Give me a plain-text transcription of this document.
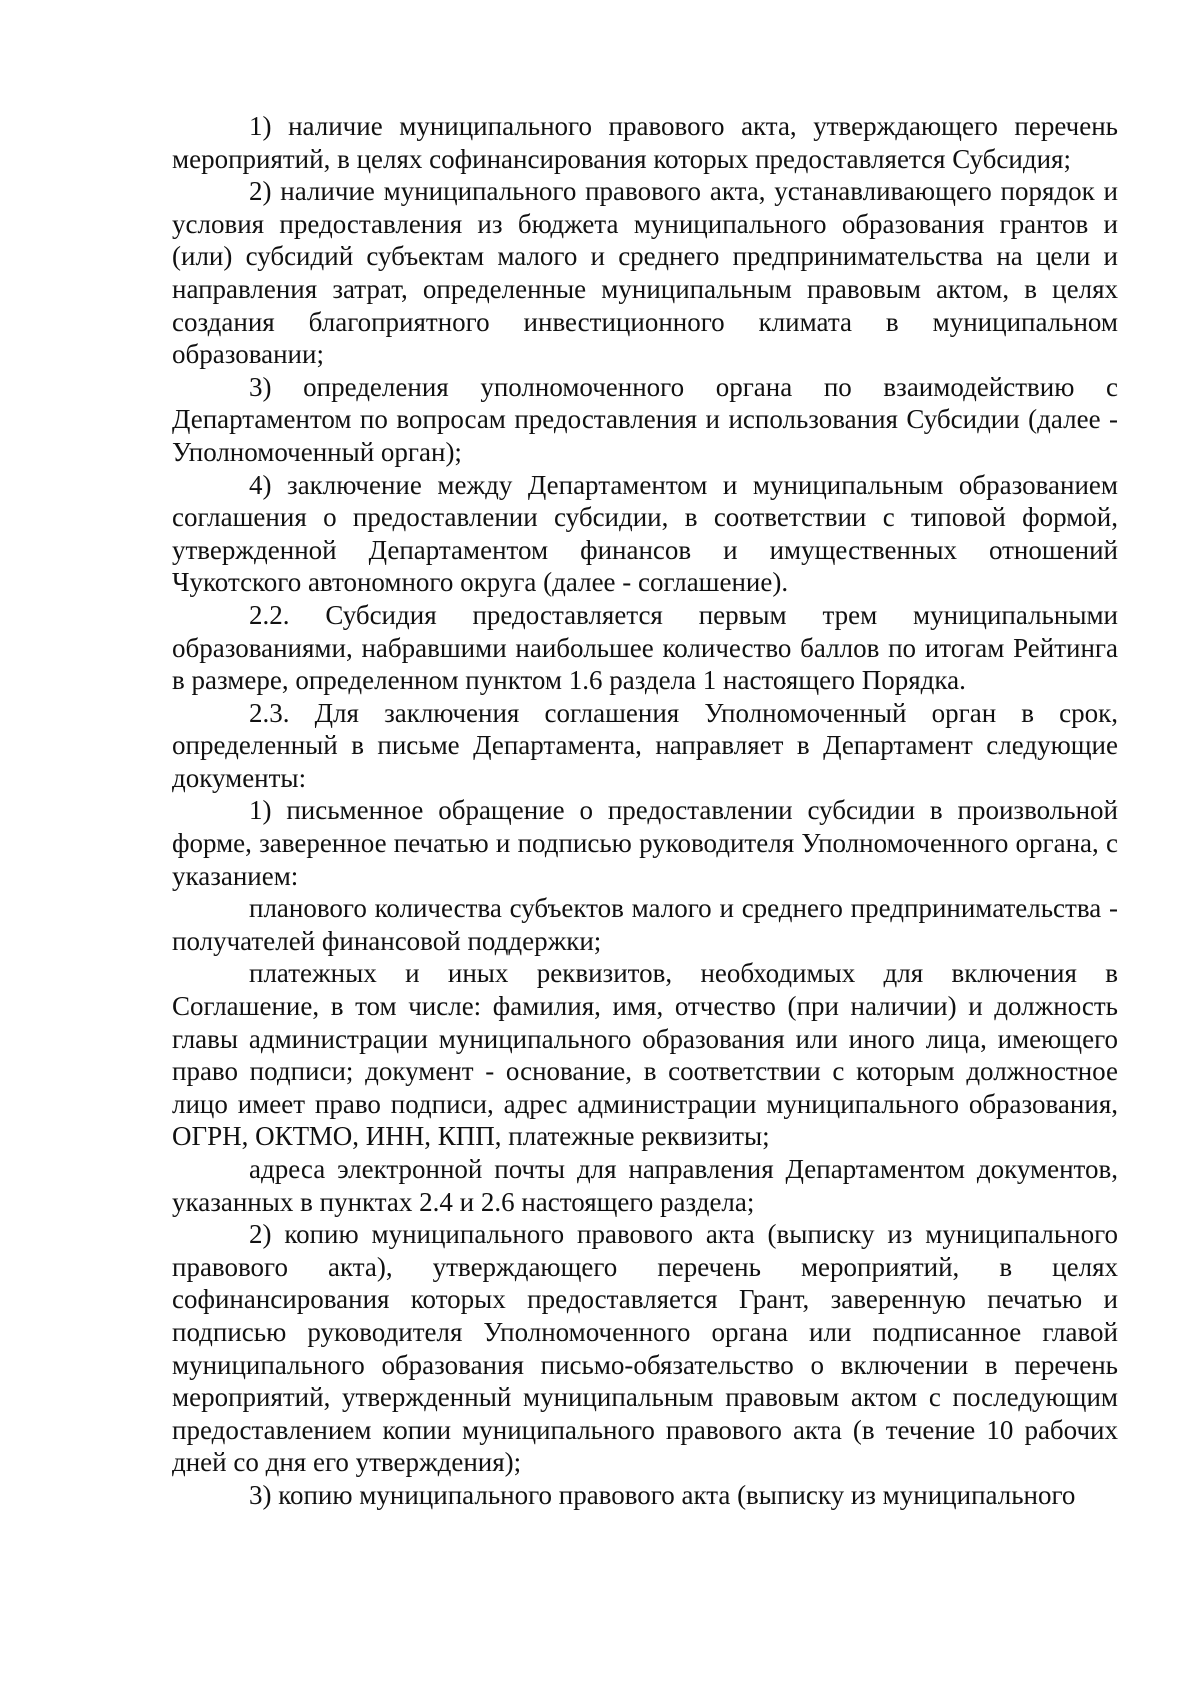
1) наличие муниципального правового акта, утверждающего перечень мероприятий, в целях софинансирования которых предоставляется Субсидия;

2) наличие муниципального правового акта, устанавливающего порядок и условия предоставления из бюджета муниципального образования грантов и (или) субсидий субъектам малого и среднего предпринимательства на цели и направления затрат, определенные муниципальным правовым актом, в целях создания благоприятного инвестиционного климата в муниципальном образовании;

3) определения уполномоченного органа по взаимодействию с Департаментом по вопросам предоставления и использования Субсидии (далее - Уполномоченный орган);

4) заключение между Департаментом и муниципальным образованием соглашения о предоставлении субсидии, в соответствии с типовой формой, утвержденной Департаментом финансов и имущественных отношений Чукотского автономного округа (далее - соглашение).

2.2. Субсидия предоставляется первым трем муниципальными образованиями, набравшими наибольшее количество баллов по итогам Рейтинга в размере, определенном пунктом 1.6 раздела 1 настоящего Порядка.

2.3. Для заключения соглашения Уполномоченный орган в срок, определенный в письме Департамента, направляет в Департамент следующие документы:

1) письменное обращение о предоставлении субсидии в произвольной форме, заверенное печатью и подписью руководителя Уполномоченного органа, с указанием:

планового количества субъектов малого и среднего предпринимательства - получателей финансовой поддержки;

платежных и иных реквизитов, необходимых для включения в Соглашение, в том числе: фамилия, имя, отчество (при наличии) и должность главы администрации муниципального образования или иного лица, имеющего право подписи; документ - основание, в соответствии с которым должностное лицо имеет право подписи, адрес администрации муниципального образования, ОГРН, ОКТМО, ИНН, КПП, платежные реквизиты;

адреса электронной почты для направления Департаментом документов, указанных в пунктах 2.4 и 2.6 настоящего раздела;

2) копию муниципального правового акта (выписку из муниципального правового акта), утверждающего перечень мероприятий, в целях софинансирования которых предоставляется Грант, заверенную печатью и подписью руководителя Уполномоченного органа или подписанное главой муниципального образования письмо-обязательство о включении в перечень мероприятий, утвержденный муниципальным правовым актом с последующим предоставлением копии муниципального правового акта (в течение 10 рабочих дней со дня его утверждения);

3) копию муниципального правового акта (выписку из муниципального
